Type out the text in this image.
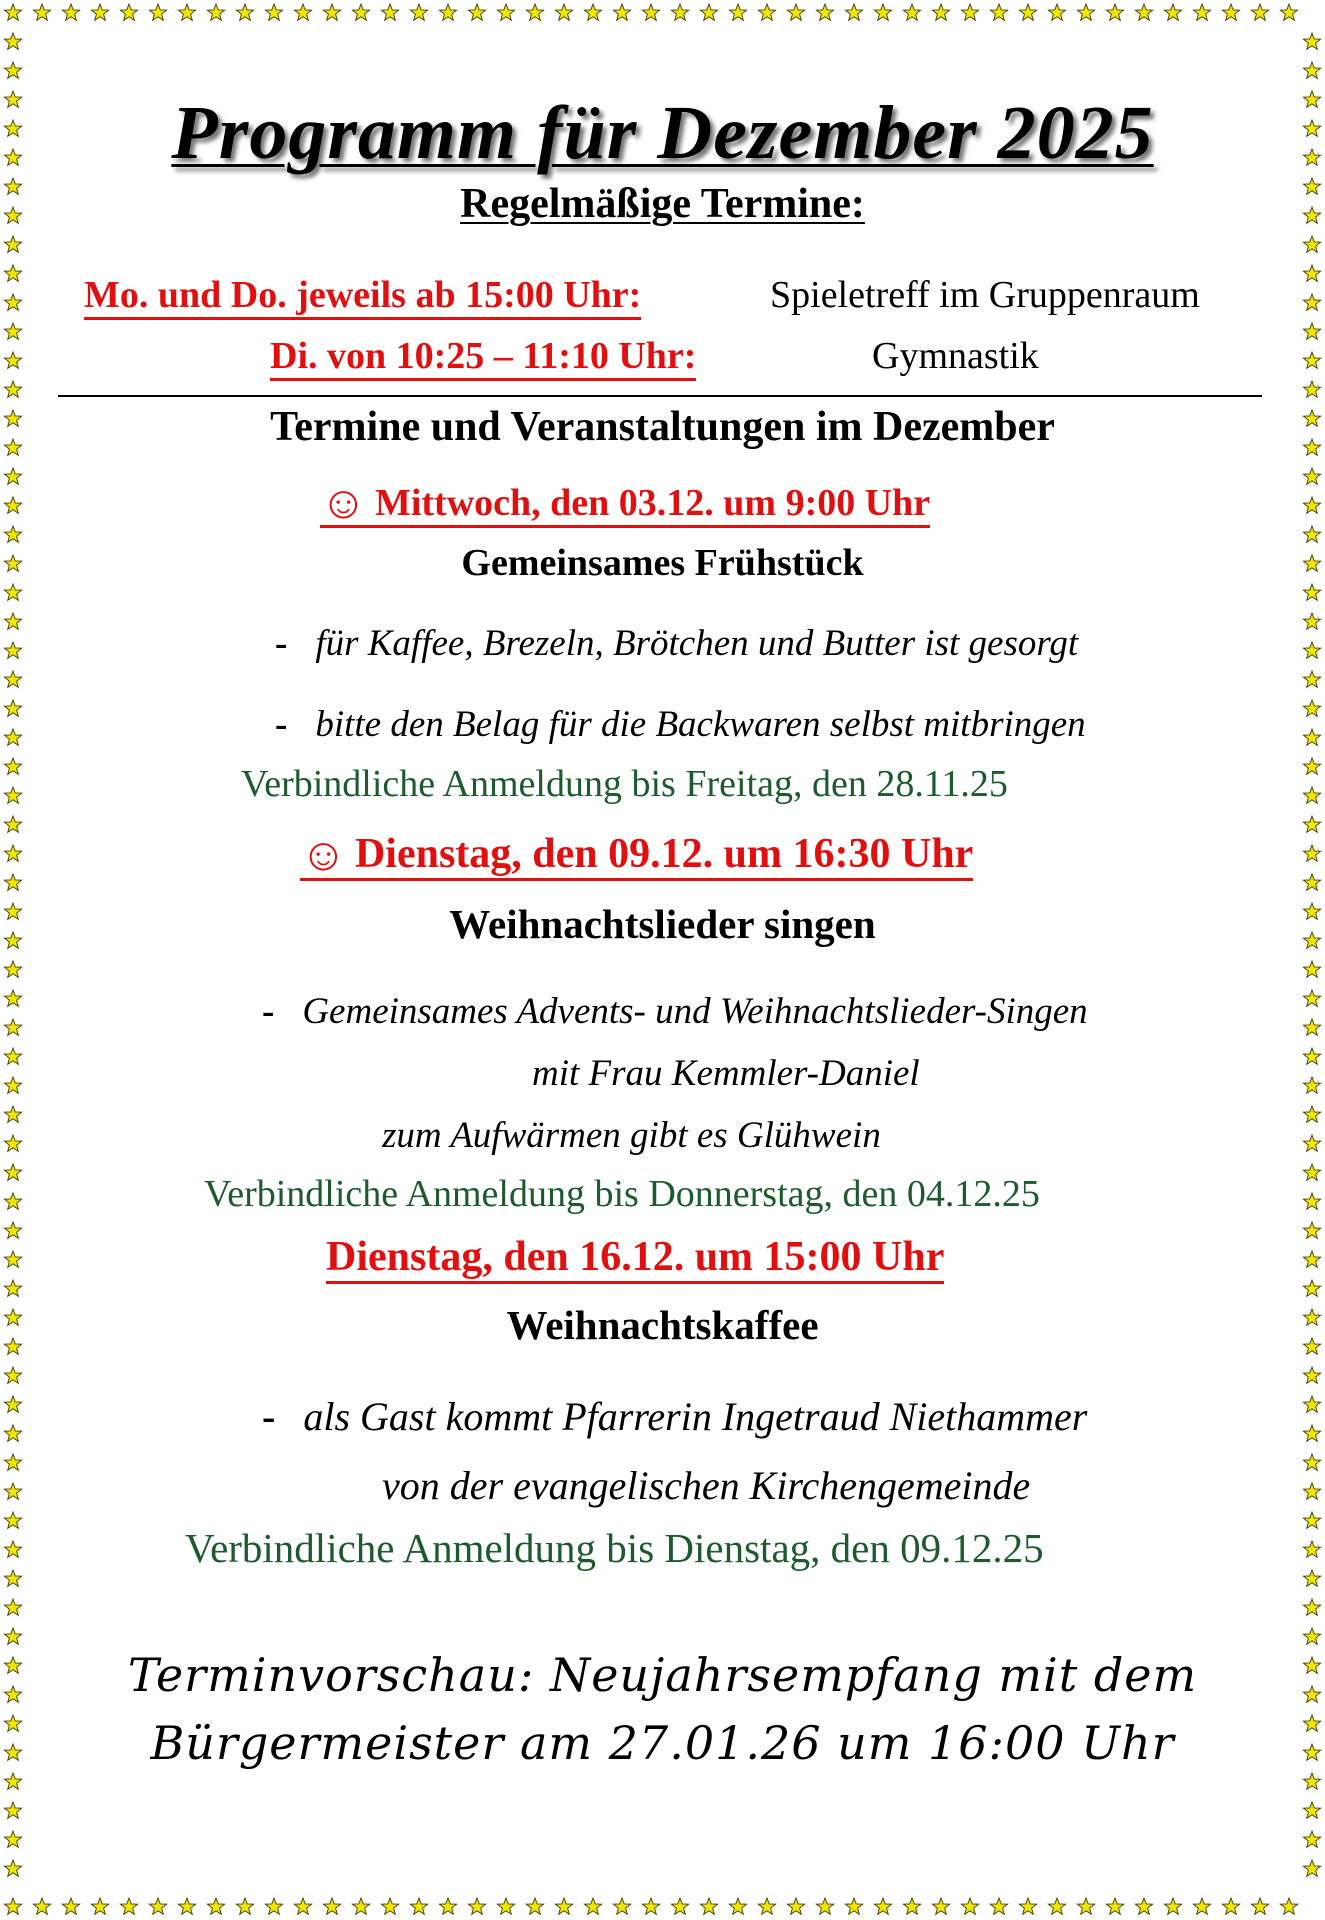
Programm für Dezember 2025
Regelmäßige Termine:
Mo. und Do. jeweils ab 15:00 Uhr:	Spieletreff im Gruppenraum
Di. von 10:25 – 11:10 Uhr:	Gymnastik
Termine und Veranstaltungen im Dezember
☺ Mittwoch, den 03.12. um 9:00 Uhr
Gemeinsames Frühstück
- für Kaffee, Brezeln, Brötchen und Butter ist gesorgt
- bitte den Belag für die Backwaren selbst mitbringen
Verbindliche Anmeldung bis Freitag, den 28.11.25
☺ Dienstag, den 09.12. um 16:30 Uhr
Weihnachtslieder singen
- Gemeinsames Advents- und Weihnachtslieder-Singen
mit Frau Kemmler-Daniel
zum Aufwärmen gibt es Glühwein
Verbindliche Anmeldung bis Donnerstag, den 04.12.25
Dienstag, den 16.12. um 15:00 Uhr
Weihnachtskaffee
- als Gast kommt Pfarrerin Ingetraud Niethammer
von der evangelischen Kirchengemeinde
Verbindliche Anmeldung bis Dienstag, den 09.12.25
Terminvorschau: Neujahrsempfang mit dem
Bürgermeister am 27.01.26 um 16:00 Uhr
